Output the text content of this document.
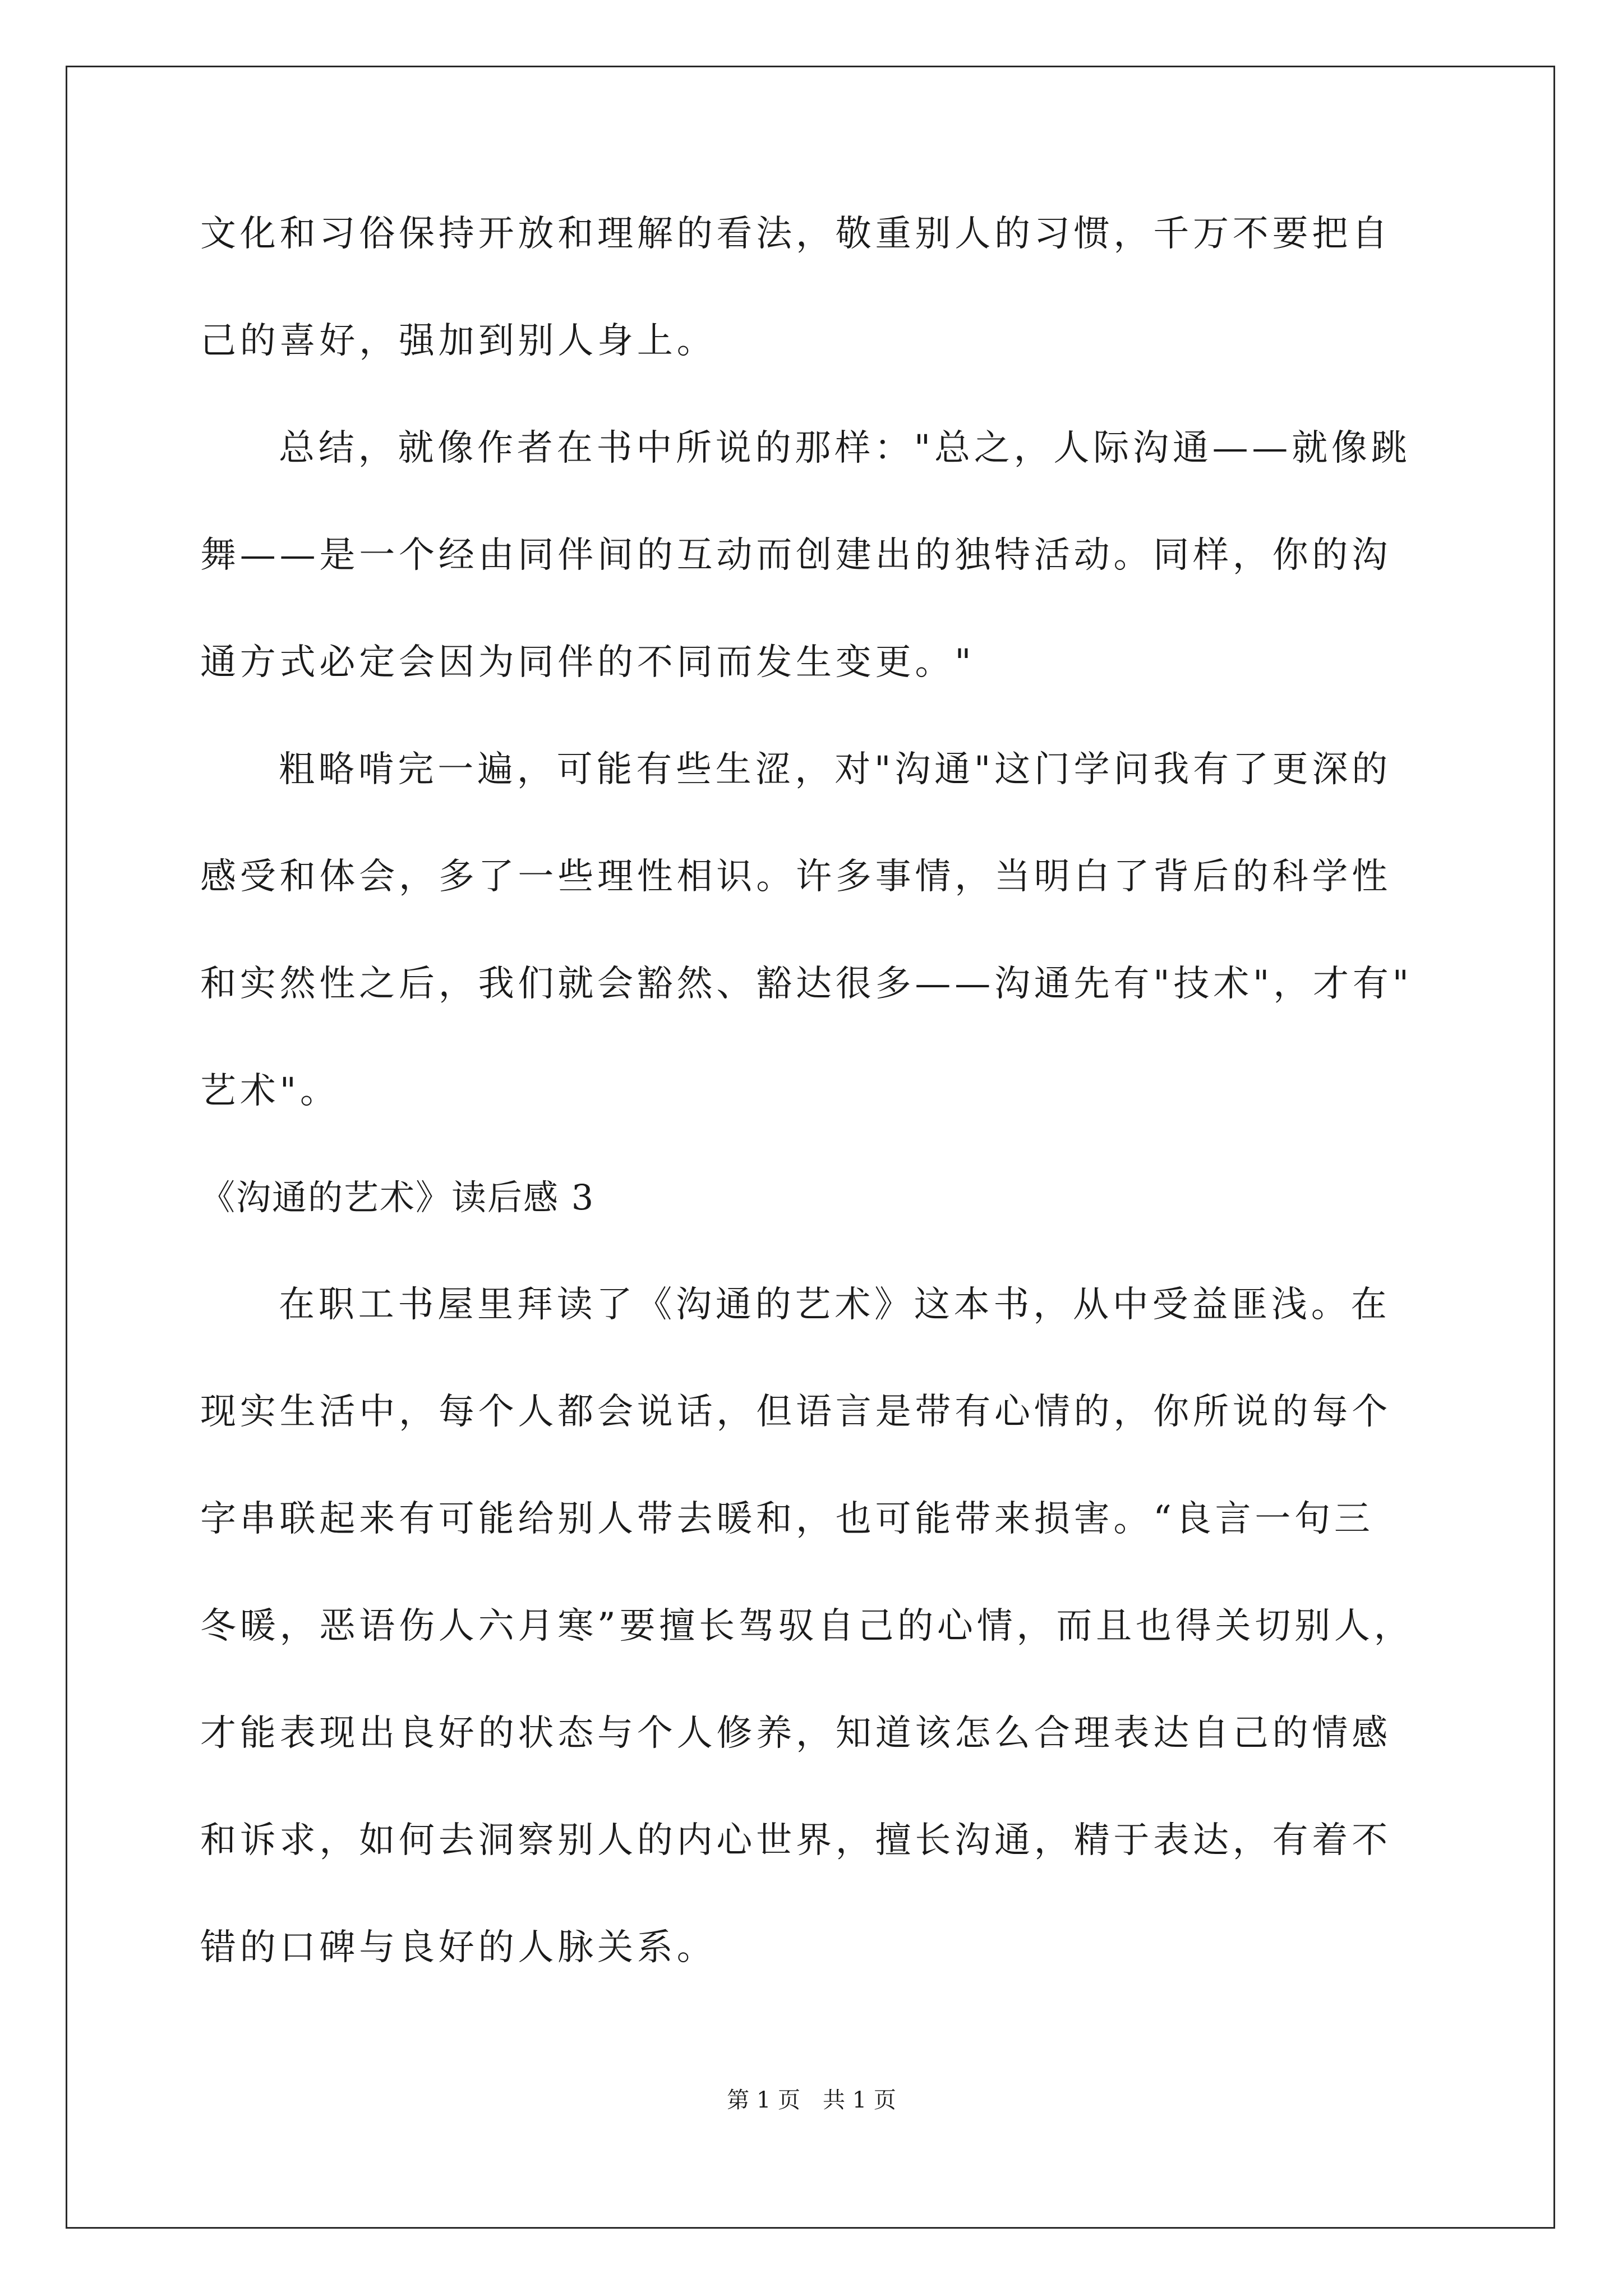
文化和习俗保持开放和理解的看法，敬重别人的习惯，千万不要把自
己的喜好，强加到别人身上。
总结，就像作者在书中所说的那样："总之，人际沟通——就像跳
舞——是一个经由同伴间的互动而创建出的独特活动。同样，你的沟
通方式必定会因为同伴的不同而发生变更。"
粗略啃完一遍，可能有些生涩，对"沟通"这门学问我有了更深的
感受和体会，多了一些理性相识。许多事情，当明白了背后的科学性
和实然性之后，我们就会豁然、豁达很多——沟通先有"技术"，才有"
艺术"。
《沟通的艺术》读后感 3
在职工书屋里拜读了《沟通的艺术》这本书，从中受益匪浅。在
现实生活中，每个人都会说话，但语言是带有心情的，你所说的每个
字串联起来有可能给别人带去暖和，也可能带来损害。“良言一句三
冬暖，恶语伤人六月寒”要擅长驾驭自己的心情，而且也得关切别人，
才能表现出良好的状态与个人修养，知道该怎么合理表达自己的情感
和诉求，如何去洞察别人的内心世界，擅长沟通，精于表达，有着不
错的口碑与良好的人脉关系。
第 1 页 共 1 页
